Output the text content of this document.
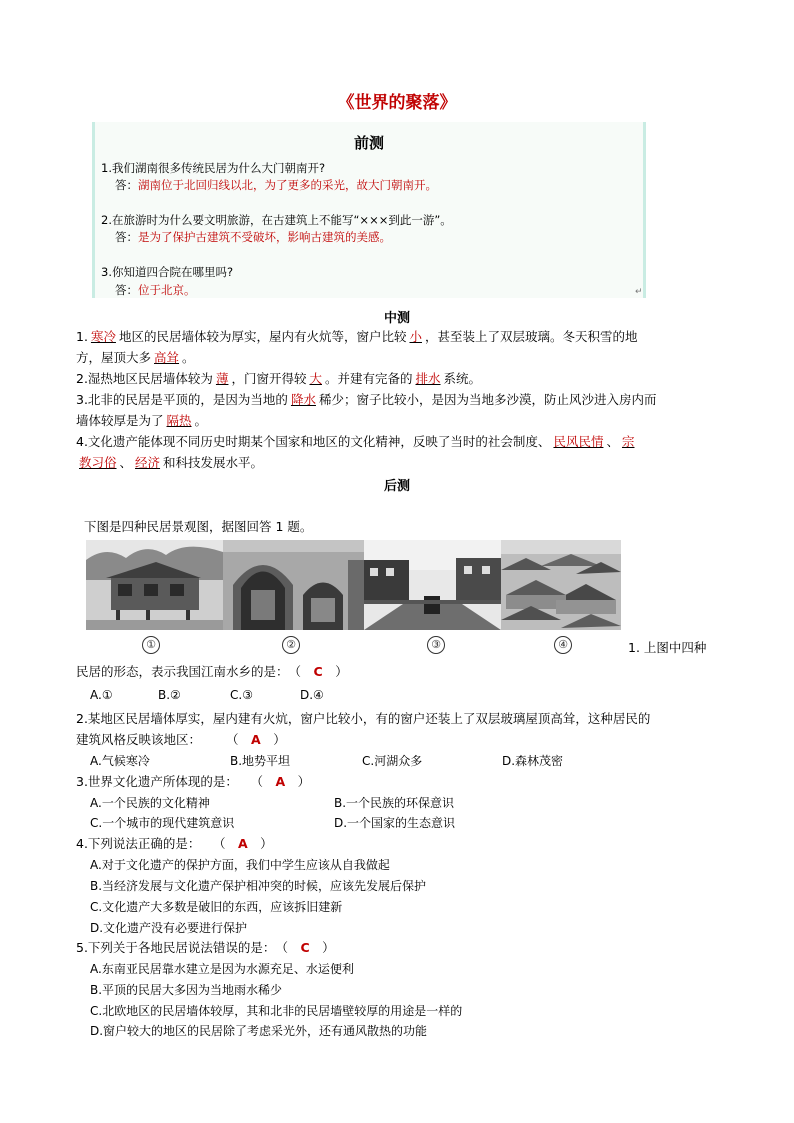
《世界的聚落》
前测
1.我们湖南很多传统民居为什么大门朝南开?
答：湖南位于北回归线以北，为了更多的采光，故大门朝南开。
2.在旅游时为什么要文明旅游，在古建筑上不能写“×××到此一游”。
答：是为了保护古建筑不受破坏，影响古建筑的美感。
3.你知道四合院在哪里吗?
答：位于北京。	↵
中测
1. 寒冷 地区的民居墙体较为厚实，屋内有火炕等，窗户比较 小 ，甚至装上了双层玻璃。冬天积雪的地
方，屋顶大多 高耸 。
2.湿热地区民居墙体较为 薄 ，门窗开得较 大 。并建有完备的 排水 系统。
3.北非的民居是平顶的，是因为当地的 降水 稀少；窗子比较小，是因为当地多沙漠，防止风沙进入房内而
墙体较厚是为了 隔热 。
4.文化遗产能体现不同历史时期某个国家和地区的文化精神，反映了当时的社会制度、 民风民情 、 宗
教习俗 、 经济 和科技发展水平。
后测
下图是四种民居景观图，据图回答 1 题。
①	②	③	④	1. 上图中四种
民居的形态，表示我国江南水乡的是：　（　C　）
A.①	B.②	C.③	D.④
2.某地区民居墙体厚实，屋内建有火炕，窗户比较小，有的窗户还装上了双层玻璃屋顶高耸，这种居民的
建筑风格反映该地区：　　　（　A　）
A.气候寒冷	B.地势平坦	C.河湖众多	D.森林茂密
3.世界文化遗产所体现的是：　　（　A　）
A.一个民族的文化精神	B.一个民族的环保意识
C.一个城市的现代建筑意识	D.一个国家的生态意识
4.下列说法正确的是：　　（　A　）
A.对于文化遗产的保护方面，我们中学生应该从自我做起
B.当经济发展与文化遗产保护相冲突的时候，应该先发展后保护
C.文化遗产大多数是破旧的东西，应该拆旧建新
D.文化遗产没有必要进行保护
5.下列关于各地民居说法错误的是：　（　C　）
A.东南亚民居靠水建立是因为水源充足、水运便利
B.平顶的民居大多因为当地雨水稀少
C.北欧地区的民居墙体较厚，其和北非的民居墙壁较厚的用途是一样的
D.窗户较大的地区的民居除了考虑采光外，还有通风散热的功能
